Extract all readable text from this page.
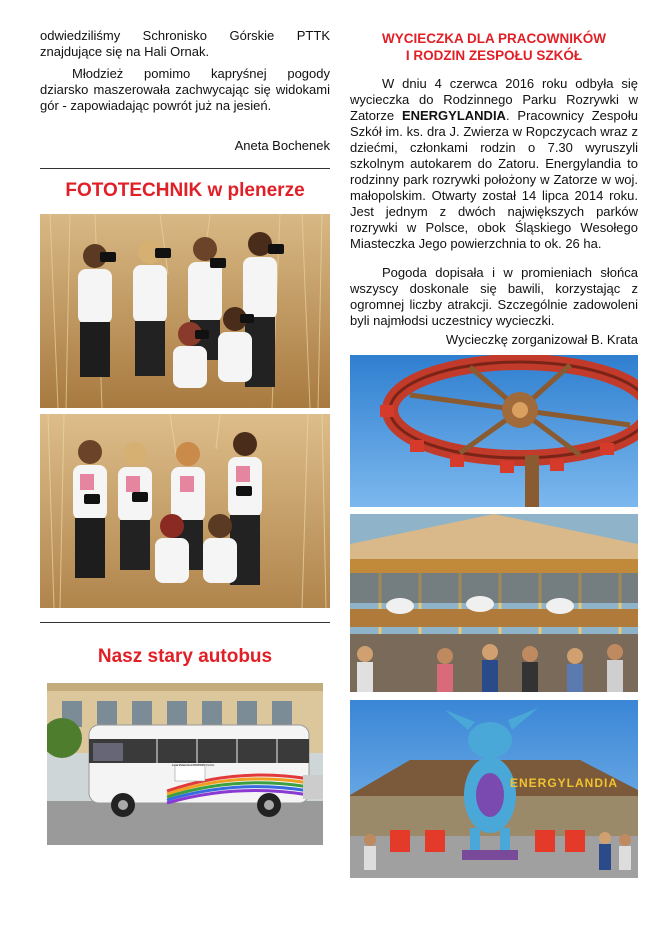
odwiedziliśmy Schronisko Górskie PTTK znajdujące się na Hali Ornak.

Młodzież pomimo kapryśnej pogody dziarsko maszerowała zachwycając się widokami gór - zapowiadając powrót już na jesień.

Aneta Bochenek
FOTOTECHNIK w plenerze
Nasz stary autobus
ZESPÓŁ SZKÓŁ im. ks. dra Jana Zwierza w ROPCZYCACH
WYCIECZKA DLA PRACOWNIKÓW
I RODZIN ZESPOŁU SZKÓŁ

W dniu 4 czerwca 2016 roku odbyła się wycieczka do Rodzinnego Parku Rozrywki w Zatorze ENERGYLANDIA. Pracownicy Zespołu Szkół im. ks. dra J. Zwierza w Ropczycach wraz z dziećmi, członkami rodzin o 7.30 wyruszyli szkolnym autokarem do Zatoru. Energylandia to rodzinny park rozrywki położony w Zatorze w woj. małopolskim. Otwarty został 14 lipca 2014 roku. Jest jednym z dwóch największych parków rozrywki w Polsce, obok Śląskiego Wesołego Miasteczka Jego powierzchnia to ok. 26 ha.

Pogoda dopisała i w promieniach słońca wszyscy doskonale się bawili, korzystając z ogromnej liczby atrakcji. Szczególnie zadowoleni byli najmłodsi uczestnicy wycieczki.

Wycieczkę zorganizował B. Krata
ENERGYLANDIA
